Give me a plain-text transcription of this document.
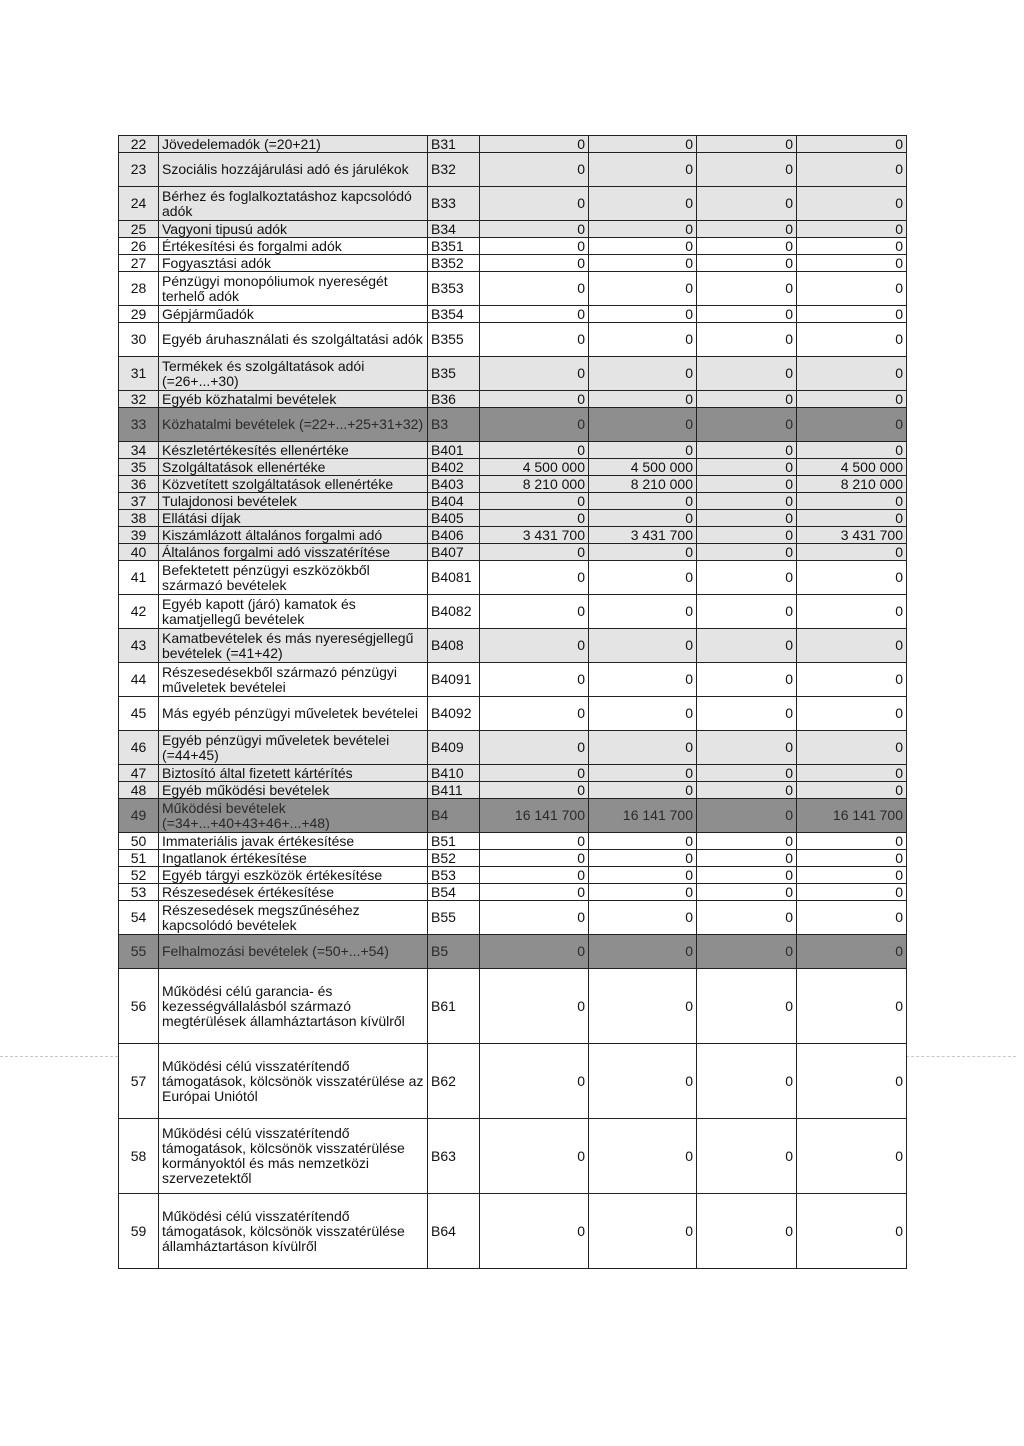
22	Jövedelemadók (=20+21)	B31	0	0	0	0
23	Szociális hozzájárulási adó és járulékok	B32	0	0	0	0
24	Bérhez és foglalkoztatáshoz kapcsolódó adók	B33	0	0	0	0
25	Vagyoni tipusú adók	B34	0	0	0	0
26	Értékesítési és forgalmi adók	B351	0	0	0	0
27	Fogyasztási adók	B352	0	0	0	0
28	Pénzügyi monopóliumok nyereségét terhelő adók	B353	0	0	0	0
29	Gépjárműadók	B354	0	0	0	0
30	Egyéb áruhasználati és szolgáltatási adók	B355	0	0	0	0
31	Termékek és szolgáltatások adói (=26+...+30)	B35	0	0	0	0
32	Egyéb közhatalmi bevételek	B36	0	0	0	0
33	Közhatalmi bevételek (=22+...+25+31+32)	B3	0	0	0	0
34	Készletértékesítés ellenértéke	B401	0	0	0	0
35	Szolgáltatások ellenértéke	B402	4 500 000	4 500 000	0	4 500 000
36	Közvetített szolgáltatások ellenértéke	B403	8 210 000	8 210 000	0	8 210 000
37	Tulajdonosi bevételek	B404	0	0	0	0
38	Ellátási díjak	B405	0	0	0	0
39	Kiszámlázott általános forgalmi adó	B406	3 431 700	3 431 700	0	3 431 700
40	Általános forgalmi adó visszatérítése	B407	0	0	0	0
41	Befektetett pénzügyi eszközökből származó bevételek	B4081	0	0	0	0
42	Egyéb kapott (járó) kamatok és kamatjellegű bevételek	B4082	0	0	0	0
43	Kamatbevételek és más nyereségjellegű bevételek (=41+42)	B408	0	0	0	0
44	Részesedésekből származó pénzügyi műveletek bevételei	B4091	0	0	0	0
45	Más egyéb pénzügyi műveletek bevételei	B4092	0	0	0	0
46	Egyéb pénzügyi műveletek bevételei (=44+45)	B409	0	0	0	0
47	Biztosító által fizetett kártérítés	B410	0	0	0	0
48	Egyéb működési bevételek	B411	0	0	0	0
49	Működési bevételek (=34+...+40+43+46+...+48)	B4	16 141 700	16 141 700	0	16 141 700
50	Immateriális javak értékesítése	B51	0	0	0	0
51	Ingatlanok értékesítése	B52	0	0	0	0
52	Egyéb tárgyi eszközök értékesítése	B53	0	0	0	0
53	Részesedések értékesítése	B54	0	0	0	0
54	Részesedések megszűnéséhez kapcsolódó bevételek	B55	0	0	0	0
55	Felhalmozási bevételek (=50+...+54)	B5	0	0	0	0
56	Működési célú garancia- és kezességvállalásból származó megtérülések államháztartáson kívülről	B61	0	0	0	0
57	Működési célú visszatérítendő támogatások, kölcsönök visszatérülése az Európai Uniótól	B62	0	0	0	0
58	Működési célú visszatérítendő támogatások, kölcsönök visszatérülése kormányoktól és más nemzetközi szervezetektől	B63	0	0	0	0
59	Működési célú visszatérítendő támogatások, kölcsönök visszatérülése államháztartáson kívülről	B64	0	0	0	0
